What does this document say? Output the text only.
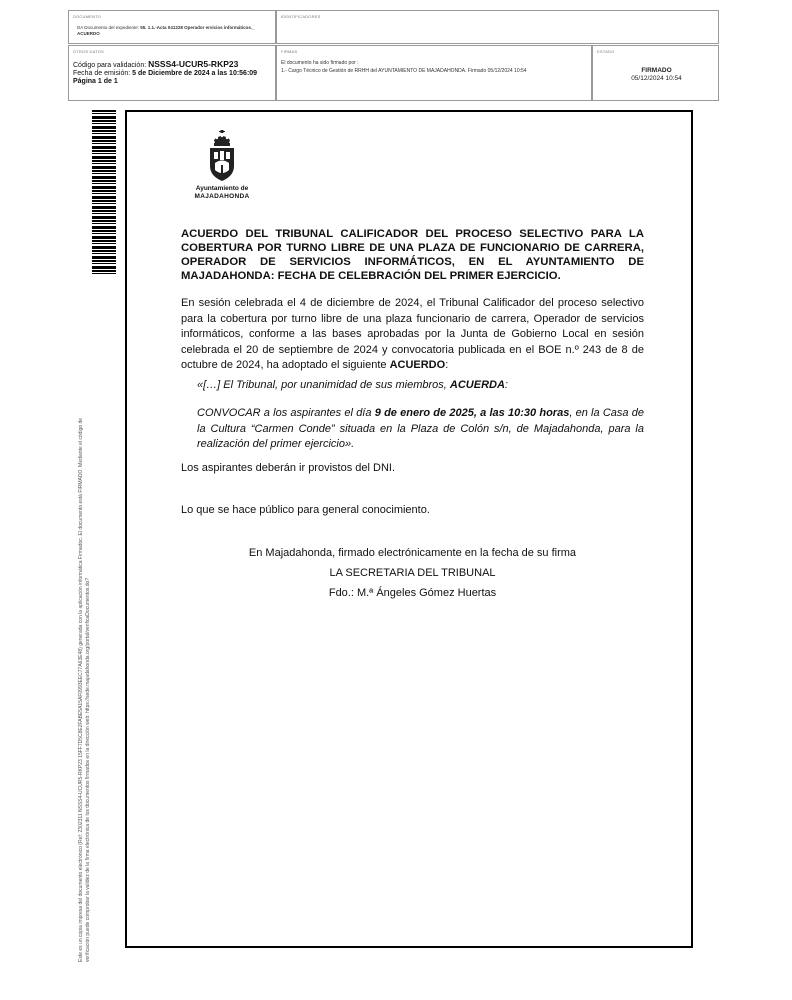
DOCUMENTO
DA Documento del expediente: 55. 1.1.-Acta 041228 Operador ervicios informáticos._ ACUERDO
IDENTIFICADORES
OTROS DATOS
Código para validación: NSSS4-UCUR5-RKP23
Fecha de emisión: 5 de Diciembre de 2024 a las 10:56:09
Página 1 de 1
FIRMAS
El documento ha sido firmado por :
1.- Cargo Técnico de Gestión de RRHH del AYUNTAMIENTO DE MAJADAHONDA. Firmado 05/12/2024 10:54
ESTADO
FIRMADO
05/12/2024 10:54
Este es un copia impresa del documento electrónico (Ref: 2302311 NSSS4-UCUR5-RKP23 15FF7D5C8E2FABE5A15AF0993EEC77A63E48) generada con la aplicación informática Firmadoc. El documento está FIRMADO. Mediante el código de verificación puede comprobar la validez de la firma electrónica de los documentos firmados en la dirección web: https://sede.majadahonda.org/portal/verificaDocumentos.do?
Ayuntamiento de
MAJADAHONDA
ACUERDO DEL TRIBUNAL CALIFICADOR DEL PROCESO SELECTIVO PARA LA COBERTURA POR TURNO LIBRE DE UNA PLAZA DE FUNCIONARIO DE CARRERA, OPERADOR DE SERVICIOS INFORMÁTICOS, EN EL AYUNTAMIENTO DE MAJADAHONDA: FECHA DE CELEBRACIÓN DEL PRIMER EJERCICIO.
En sesión celebrada el 4 de diciembre de 2024, el Tribunal Calificador del proceso selectivo para la cobertura por turno libre de una plaza funcionario de carrera, Operador de servicios informáticos, conforme a las bases aprobadas por la Junta de Gobierno Local en sesión celebrada el 20 de septiembre de 2024 y convocatoria publicada en el BOE n.º 243 de 8 de octubre de 2024, ha adoptado el siguiente ACUERDO:
«[…] El Tribunal, por unanimidad de sus miembros, ACUERDA:
CONVOCAR a los aspirantes el día 9 de enero de 2025, a las 10:30 horas, en la Casa de la Cultura “Carmen Conde” situada en la Plaza de Colón s/n, de Majadahonda, para la realización del primer ejercicio».
Los aspirantes deberán ir provistos del DNI.
Lo que se hace público para general conocimiento.
En Majadahonda, firmado electrónicamente en la fecha de su firma
LA SECRETARIA DEL TRIBUNAL
Fdo.: M.ª Ángeles Gómez Huertas
